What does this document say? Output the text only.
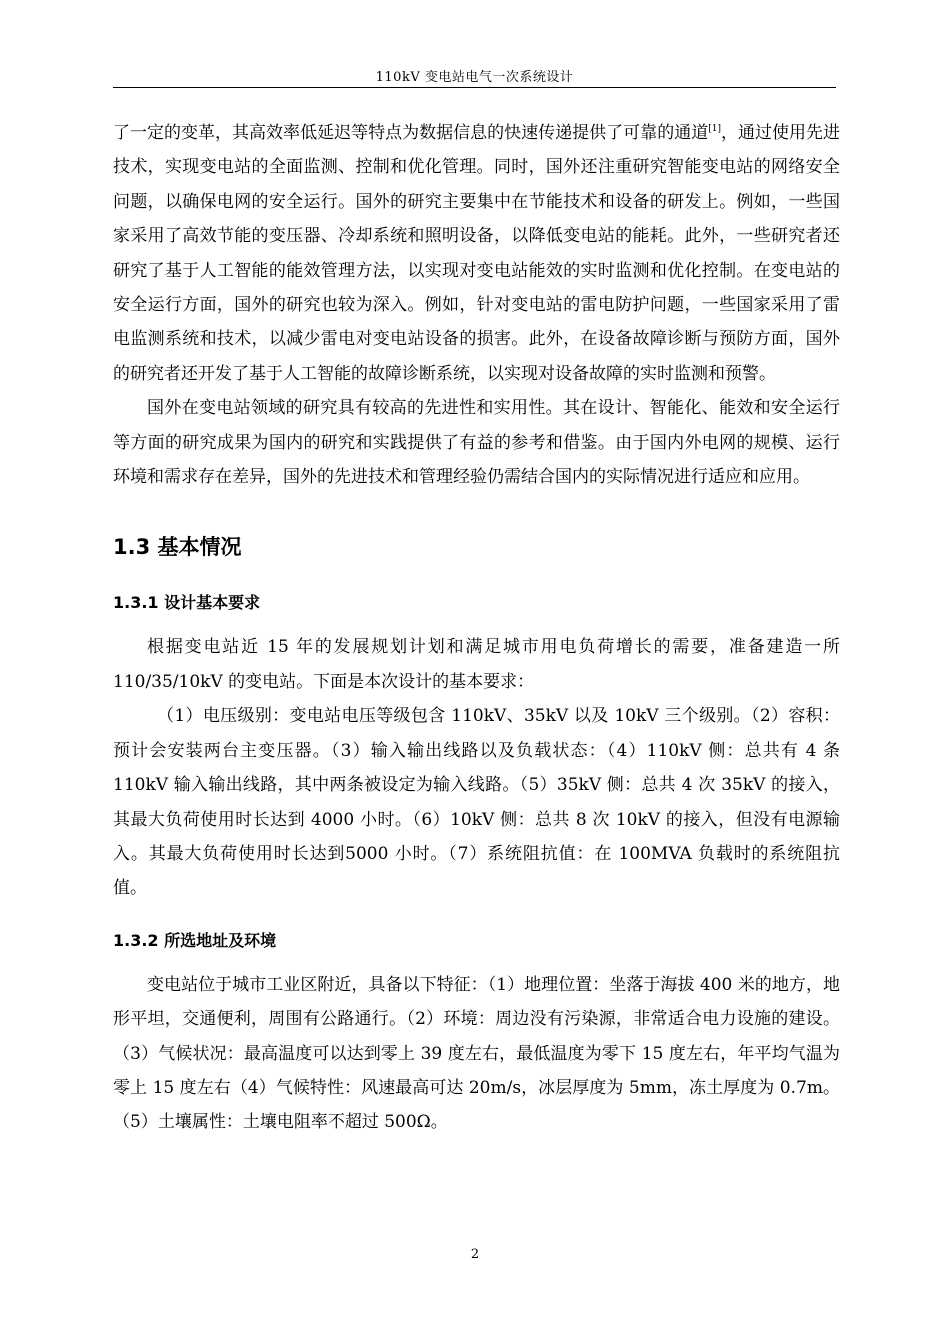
110kV 变电站电气一次系统设计

了一定的变革，其高效率低延迟等特点为数据信息的快速传递提供了可靠的通道[1]，通过使用先进技术，实现变电站的全面监测、控制和优化管理。同时，国外还注重研究智能变电站的网络安全问题，以确保电网的安全运行。国外的研究主要集中在节能技术和设备的研发上。例如，一些国家采用了高效节能的变压器、冷却系统和照明设备，以降低变电站的能耗。此外，一些研究者还研究了基于人工智能的能效管理方法，以实现对变电站能效的实时监测和优化控制。在变电站的安全运行方面，国外的研究也较为深入。例如，针对变电站的雷电防护问题，一些国家采用了雷电监测系统和技术，以减少雷电对变电站设备的损害。此外，在设备故障诊断与预防方面，国外的研究者还开发了基于人工智能的故障诊断系统，以实现对设备故障的实时监测和预警。

国外在变电站领域的研究具有较高的先进性和实用性。其在设计、智能化、能效和安全运行等方面的研究成果为国内的研究和实践提供了有益的参考和借鉴。由于国内外电网的规模、运行环境和需求存在差异，国外的先进技术和管理经验仍需结合国内的实际情况进行适应和应用。

1.3 基本情况
1.3.1 设计基本要求

根据变电站近 15 年的发展规划计划和满足城市用电负荷增长的需要，准备建造一所 110/35/10kV 的变电站。下面是本次设计的基本要求：

（1）电压级别：变电站电压等级包含 110kV、35kV 以及 10kV 三个级别。（2）容积：预计会安装两台主变压器。（3）输入输出线路以及负载状态：（4）110kV 侧：总共有 4 条 110kV 输入输出线路，其中两条被设定为输入线路。（5）35kV 侧：总共 4 次 35kV 的接入，其最大负荷使用时长达到 4000 小时。（6）10kV 侧：总共 8 次 10kV 的接入，但没有电源输入。其最大负荷使用时长达到5000 小时。（7）系统阻抗值：在 100MVA 负载时的系统阻抗值。

1.3.2 所选地址及环境

变电站位于城市工业区附近，具备以下特征：（1）地理位置：坐落于海拔 400 米的地方，地形平坦，交通便利，周围有公路通行。（2）环境：周边没有污染源，非常适合电力设施的建设。（3）气候状况：最高温度可以达到零上 39 度左右，最低温度为零下 15 度左右，年平均气温为零上 15 度左右（4）气候特性：风速最高可达 20m/s，冰层厚度为 5mm，冻土厚度为 0.7m。（5）土壤属性：土壤电阻率不超过 500Ω。

2
